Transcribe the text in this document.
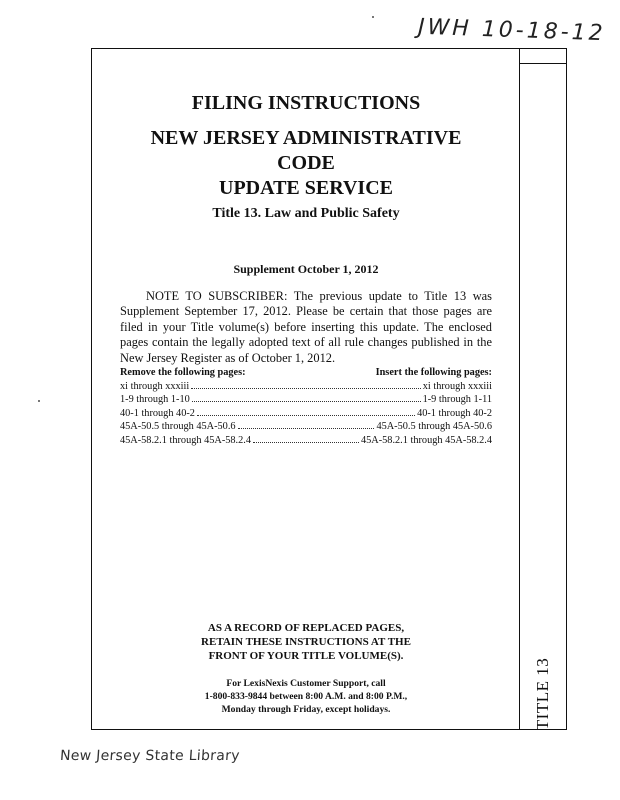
JWH 10-18-12
TITLE 13
FILING INSTRUCTIONS
NEW JERSEY ADMINISTRATIVE CODE
UPDATE SERVICE
Title 13. Law and Public Safety
Supplement October 1, 2012
NOTE TO SUBSCRIBER: The previous update to Title 13 was Supplement September 17, 2012. Please be certain that those pages are filed in your Title volume(s) before inserting this update. The enclosed pages contain the legally adopted text of all rule changes published in the New Jersey Register as of October 1, 2012.
Remove the following pages:	Insert the following pages:
xi through xxxiii	xi through xxxiii
1-9 through 1-10	1-9 through 1-11
40-1 through 40-2	40-1 through 40-2
45A-50.5 through 45A-50.6	45A-50.5 through 45A-50.6
45A-58.2.1 through 45A-58.2.4	45A-58.2.1 through 45A-58.2.4
AS A RECORD OF REPLACED PAGES,
RETAIN THESE INSTRUCTIONS AT THE
FRONT OF YOUR TITLE VOLUME(S).
For LexisNexis Customer Support, call
1-800-833-9844 between 8:00 A.M. and 8:00 P.M.,
Monday through Friday, except holidays.
New Jersey State Library
